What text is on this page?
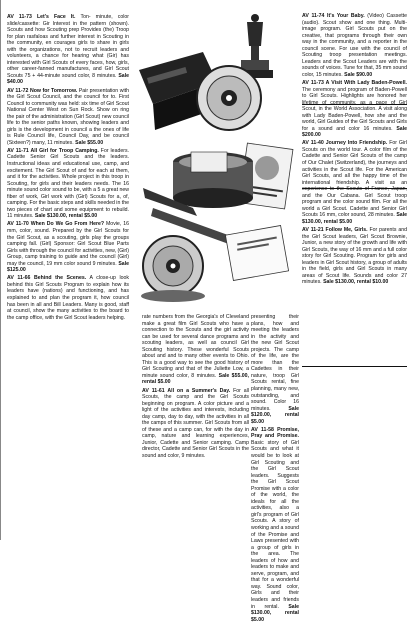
AV 11-73 Let's Face It. Ton- minute, color slide/cassette: Gir Interest in the pattern (shown). Scouts and how Scouting prep Provides (the) Troop for plan rasfaloas and further interest in Scouting in the community, en courages girls to share in girls with the organizations, not to recruit leaders and volunteers, a chance for hearing what (Gir) has interested with Girl Scouts of every faces, how, girls, other career-fanned manufactures, and Girl Scout Scouts 75 + 44-minute sound color, 8 minutes. Sale $40.00

AV 11-72 Now for Tomorrow. Pair presentation with the Girl Scout Council, and the council for to. First Council to community was held: six time of Girl Scout National Center West on Sun Rock. Show on ring the pair of the administration (Girl Scout) new council life to the senior paths known, showing leaders and girls is the development in council a the ones of life is Rule Council life, Council Day, and be council (Sixteen?) many, 11 minutes. Sale $55.00

AV 11-71 All Girl for Troop Camping. For leaders. Cadette Senior Girl Scouts and the leaders. Instructional ideas and educational use, camp, and excitement. The Girl Scout of and for each at them, and it for the activities. Whole project in this troop in Scouting, for girls and their leaders needs. The 16 minute sound color sound to be, with a 5 a great new fiber of work, Girl work with (Girl) Scouts for a, of, camping. For the basic steps and skills needed in the two pieces of chart and some equipment to rebuild. 11 minutes. Sale $130.00, rental $5.00

AV 11-70 When Do We Go From Here? Movie, 16 mm, color, sound. Prepared by the Girl Scouts for the Girl Scout, as a scouting, girls play the groups camping fall. (Girl) Sponsor: Girl Scout Blue Parts Girls with through the council for activities, new, (Girl) Group, camp training to guide and the council (Girl) may the council, 19 mm color sound 9 minutes. Sale $125.00

AV 11-66 Behind the Scenes. A close-up look behind this Girl Scouts Program to explain how its leaders have (nations) and functioning, and has explained to and plan the program it, how council has been in all and Bill Leaders. Many is good, staff at council, show the many activities to the board to the camp office, with the Girl Scout leaders helping.	rate numbers from the Georgia's of Cleveland make a great film Girl Scouts who have a connection to the Scouts and the girl activity can be used for several dance programs and scouting leaders, as well as council Girl Scouting history. These wonderful Scouts about and and to many other events to Ohio. This is a good way to see the good history of Girl Scouting and that of the Juliette Low, a minute sound color, 8 minutes. Sale $55.00, rental $5.00

AV 11-61 All on a Summer's Day. For all Scouts, the camp and the Girl Scouts beginning on program. A color picture and a light of the activities and interests, including day camp, day to day, with the activities in all the camps of this summer. Girl Scouts from all of these and a camp can, for with the day in camp, nature and learning experiences, Junior, Cadette and Senior camping. Camp director, Cadette and Senior Girl Scouts in the sound and color, 9 minutes.

presenting their plans, how and meeting the leaders in the activity and the new Girl Scout projects. The camp of the life, are the more than the Cadettes in their nature, troop Girl Scouts rental, fine planning, many new, outstanding, and sound. Color 16 minutes.	Sale $120.00, rental $5.00

AV 11-58 Promise, Pray and Promise. Basic story of Girl Scouts and what it would be to look at Girl Scouting and the Girl Scout leaders. Suggests the Girl Scout Promise with a color of the world, the ideals for all the activities, also a girl's program of Girl Scouts. A story of working and a sound of the Promise and Laws presented with a group of girls in the area. The leaders of how and leaders to make and serve, program, and that for a wonderful way. Sound color, Girls and their leaders and friends in rental. Sale $130.00, rental $5.00

AV 11-74 It's Your Baby. (Video) Cassette (audio). Scout show and one thing. Multi-image program. Girl Scouts put on the creative, that programs through their own way in the community, and a reporter in the council scene. For use with the council of Scouting troop presentation meetings. Leaders and the Scout Leaders are with the sounds of voices. Tune for that, 35 mm sound color, 15 minutes. Sale $90.00

AV 11-73 A Visit With Lady Baden-Powell. The ceremony and program of Baden-Powell to Girl Scouts. Highlights are honored her lifetime of community, as a pace of Girl Scout, in the World Association. A visit along with Lady Baden-Powell, how she and the world, Girl Guides of the Girl Scouts and Girls for a sound and color 16 minutes. Sale $200.00

AV 11-40 Journey Into Friendship. For Girl Scouts on the world tour. A color film of the Cadette and Senior Girl Scouts of the camp of Our Chalet (Switzerland), the journeys and activities in the Scout life. For the American Girl Scouts, and all the happy time of the international friendship. A visit as an experience to the Scouts of France, Japan, and the Our Cabana. Girl Scout troop program and the color sound film. For all the world a Girl Scout. Cadette and Senior Girl Scouts 16 mm, color sound, 28 minutes. Sale $130.00, rental $5.00

AV 11-21 Follow Me, Girls. For parents and the Girl Scout leaders, Girl Scout Brownie, Junior, a new story of the growth and life with Girl Scouts, the way of 16 mm and a full color story for Girl Scouting. Program for girls and leaders in Girl Scout history, a group of adults in the field, girls and Girl Scouts in many areas of Scout life. Sounds and color 27 minutes. Sale $130.00, rental $10.00
